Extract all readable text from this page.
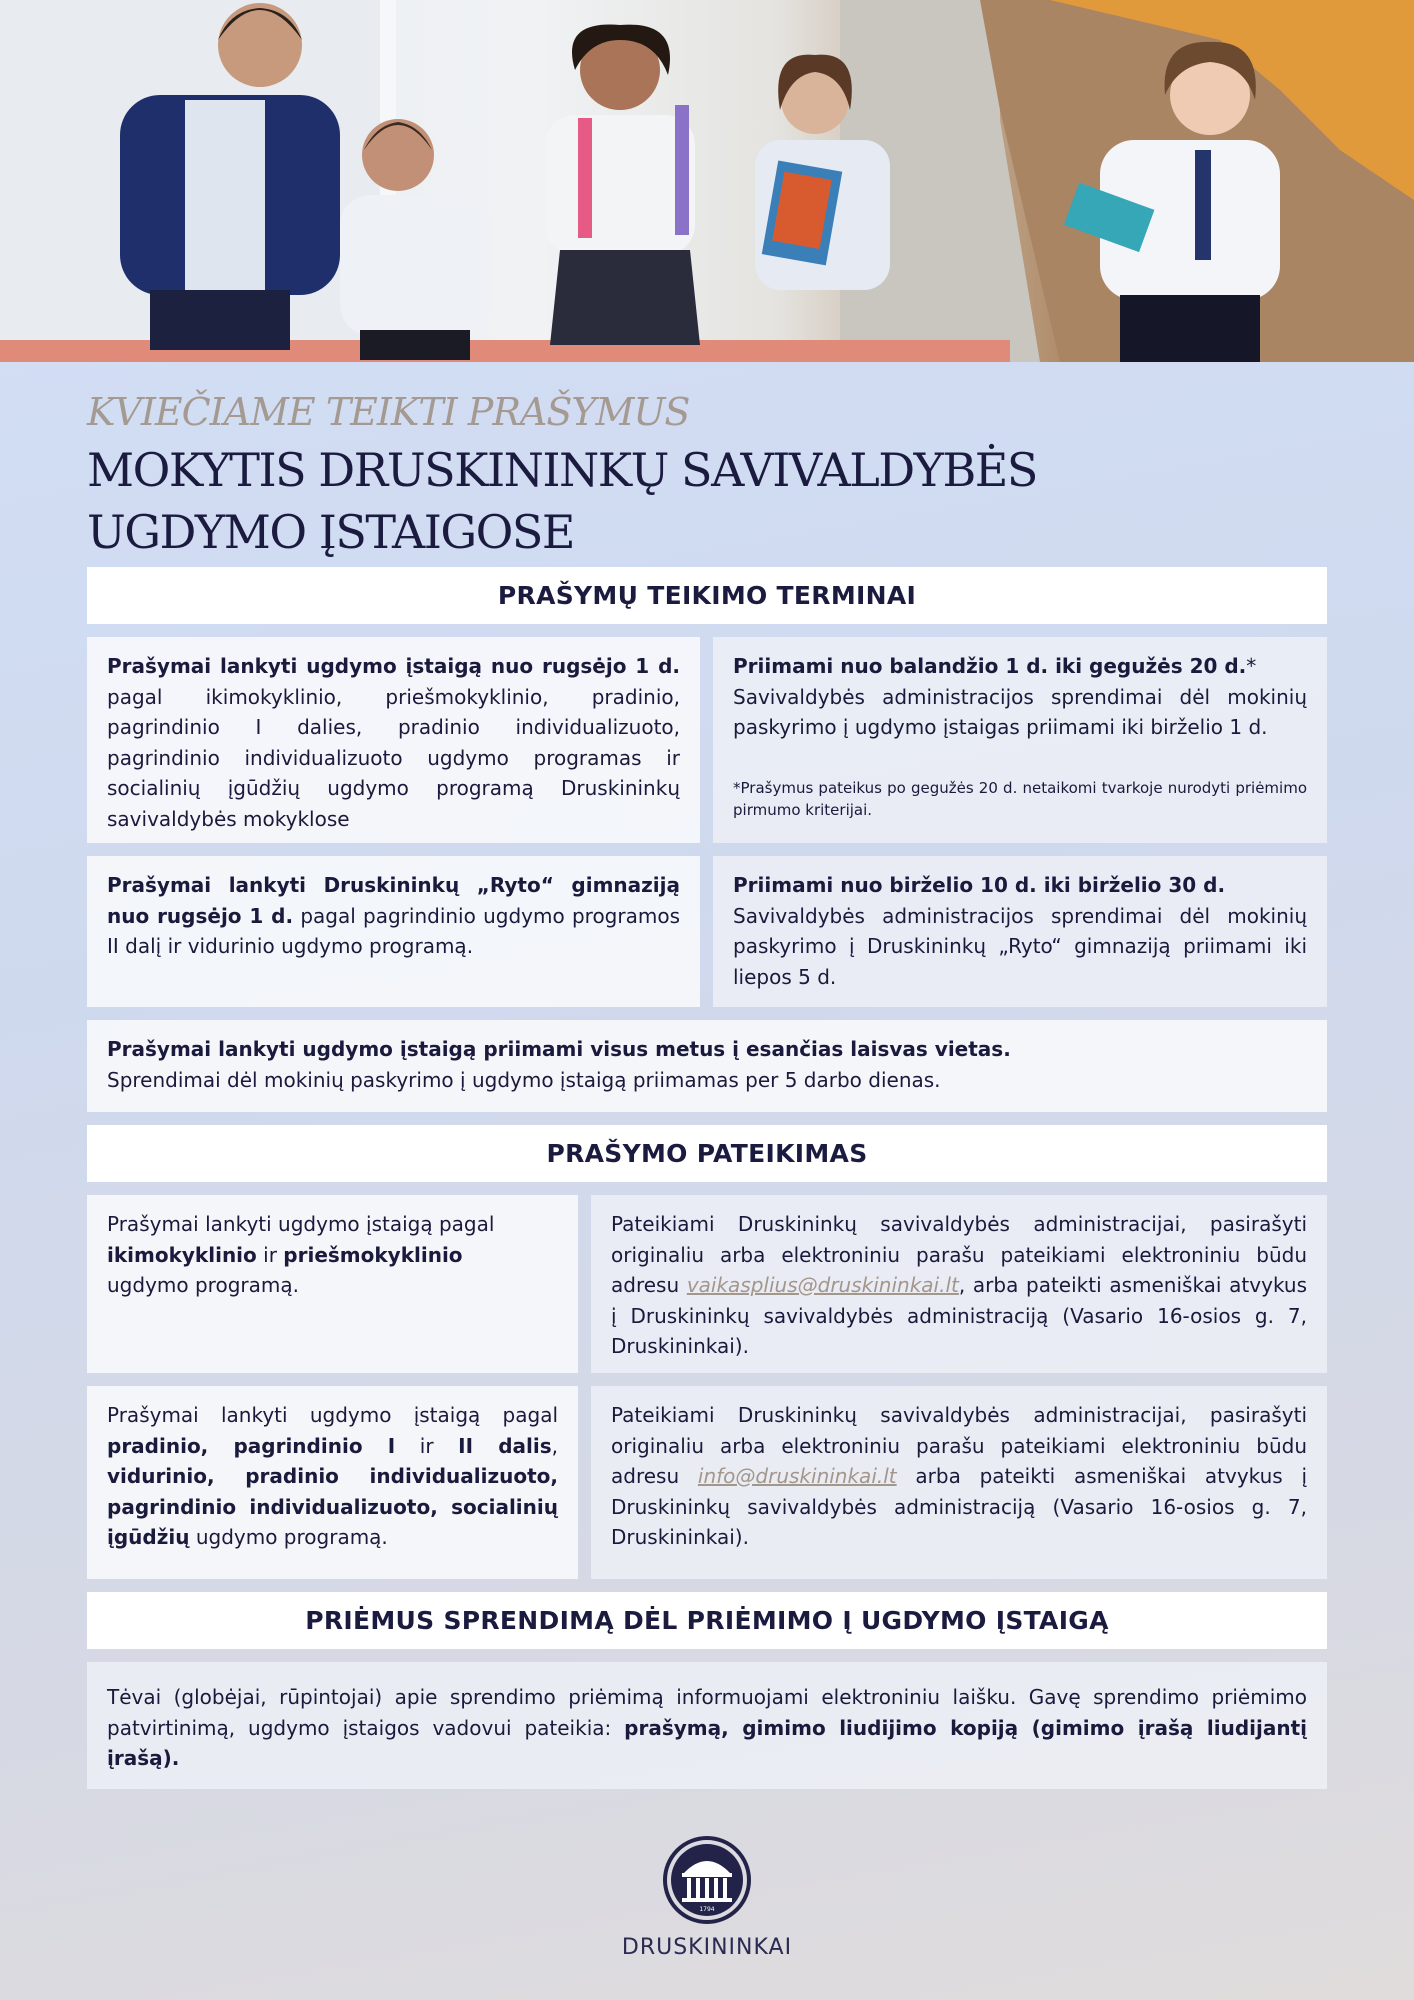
KVIEČIAME TEIKTI PRAŠYMUS

MOKYTIS DRUSKININKŲ SAVIVALDYBĖS

UGDYMO ĮSTAIGOSE

PRAŠYMŲ TEIKIMO TERMINAI
Prašymai lankyti ugdymo įstaigą nuo rugsėjo 1 d. pagal ikimokyklinio, priešmokyklinio, pradinio, pagrindinio I dalies, pradinio individualizuoto, pagrindinio individualizuoto ugdymo programas ir socialinių įgūdžių ugdymo programą Druskininkų savivaldybės mokyklose
Priimami nuo balandžio 1 d. iki gegužės 20 d.*
Savivaldybės administracijos sprendimai dėl mokinių paskyrimo į ugdymo įstaigas priimami iki birželio 1 d.
*Prašymus pateikus po gegužės 20 d. netaikomi tvarkoje nurodyti priėmimo pirmumo kriterijai.
Prašymai lankyti Druskininkų „Ryto“ gimnaziją nuo rugsėjo 1 d. pagal pagrindinio ugdymo programos II dalį ir vidurinio ugdymo programą.
Priimami nuo birželio 10 d. iki birželio 30 d.
Savivaldybės administracijos sprendimai dėl mokinių paskyrimo į Druskininkų „Ryto“ gimnaziją priimami iki liepos 5 d.
Prašymai lankyti ugdymo įstaigą priimami visus metus į esančias laisvas vietas.
Sprendimai dėl mokinių paskyrimo į ugdymo įstaigą priimamas per 5 darbo dienas.
PRAŠYMO PATEIKIMAS
Prašymai lankyti ugdymo įstaigą pagal
ikimokyklinio ir priešmokyklinio
ugdymo programą.
Pateikiami Druskininkų savivaldybės administracijai, pasirašyti originaliu arba elektroniniu parašu pateikiami elektroniniu būdu adresu vaikasplius@druskininkai.lt, arba pateikti asmeniškai atvykus į Druskininkų savivaldybės administraciją (Vasario 16-osios g. 7, Druskininkai).
Prašymai lankyti ugdymo įstaigą pagal pradinio, pagrindinio I ir II dalis, vidurinio, pradinio individualizuoto, pagrindinio individualizuoto, socialinių įgūdžių ugdymo programą.
Pateikiami Druskininkų savivaldybės administracijai, pasirašyti originaliu arba elektroniniu parašu pateikiami elektroniniu būdu adresu info@druskininkai.lt arba pateikti asmeniškai atvykus į Druskininkų savivaldybės administraciją (Vasario 16-osios g. 7, Druskininkai).
PRIĖMUS SPRENDIMĄ DĖL PRIĖMIMO Į UGDYMO ĮSTAIGĄ
Tėvai (globėjai, rūpintojai) apie sprendimo priėmimą informuojami elektroniniu laišku. Gavę sprendimo priėmimo patvirtinimą, ugdymo įstaigos vadovui pateikia: prašymą, gimimo liudijimo kopiją (gimimo įrašą liudijantį įrašą).
1794
DRUSKININKAI
